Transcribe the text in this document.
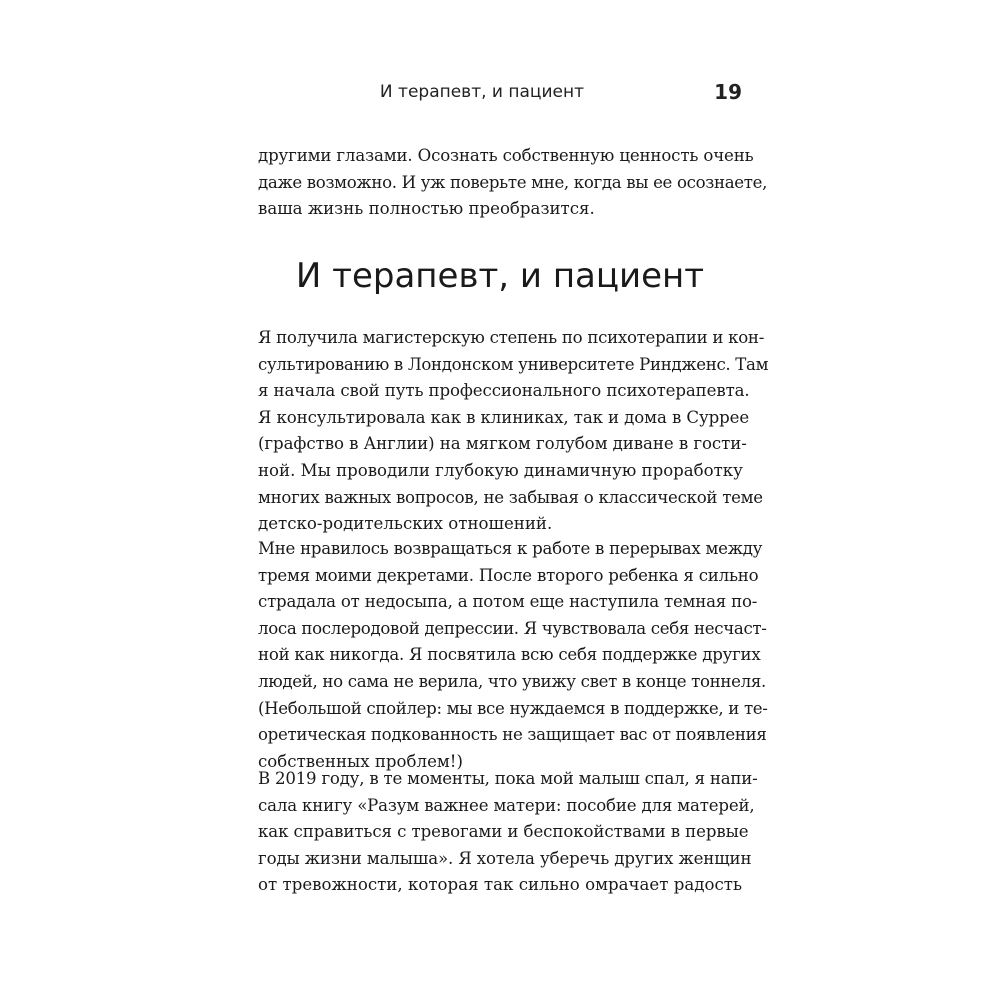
И терапевт, и пациент	19
другими глазами. Осознать собственную ценность очень
даже возможно. И уж поверьте мне, когда вы ее осознаете,
ваша жизнь полностью преобразится.
И терапевт, и пациент
Я получила магистерскую степень по психотерапии и кон-
сультированию в Лондонском университете Риндженс. Там
я начала свой путь профессионального психотерапевта.
Я консультировала как в клиниках, так и дома в Суррее
(графство в Англии) на мягком голубом диване в гости-
ной. Мы проводили глубокую динамичную проработку
многих важных вопросов, не забывая о классической теме
детско-родительских отношений.
Мне нравилось возвращаться к работе в перерывах между
тремя моими декретами. После второго ребенка я сильно
страдала от недосыпа, а потом еще наступила темная по-
лоса послеродовой депрессии. Я чувствовала себя несчаст-
ной как никогда. Я посвятила всю себя поддержке других
людей, но сама не верила, что увижу свет в конце тоннеля.
(Небольшой спойлер: мы все нуждаемся в поддержке, и те-
оретическая подкованность не защищает вас от появления
собственных проблем!)
В 2019 году, в те моменты, пока мой малыш спал, я напи-
сала книгу «Разум важнее матери: пособие для матерей,
как справиться с тревогами и беспокойствами в первые
годы жизни малыша». Я хотела уберечь других женщин
от тревожности, которая так сильно омрачает радость
